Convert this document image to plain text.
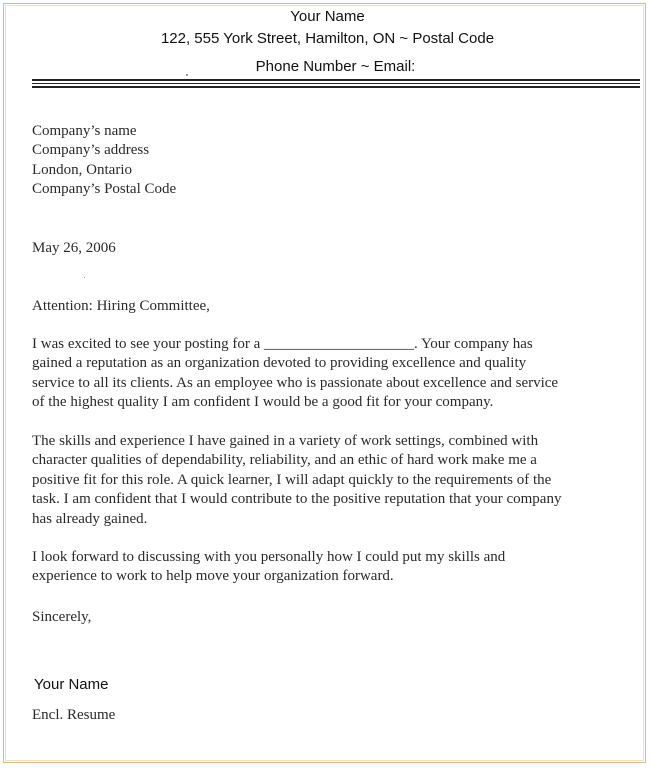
Your Name
122, 555 York Street, Hamilton, ON ~ Postal Code
Phone Number ~ Email:
Company’s name
Company’s address
London, Ontario
Company’s Postal Code
May 26, 2006
Attention: Hiring Committee,
I was excited to see your posting for a ____________________. Your company has
gained a reputation as an organization devoted to providing excellence and quality
service to all its clients. As an employee who is passionate about excellence and service
of the highest quality I am confident I would be a good fit for your company.
The skills and experience I have gained in a variety of work settings, combined with
character qualities of dependability, reliability, and an ethic of hard work make me a
positive fit for this role. A quick learner, I will adapt quickly to the requirements of the
task. I am confident that I would contribute to the positive reputation that your company
has already gained.
I look forward to discussing with you personally how I could put my skills and
experience to work to help move your organization forward.
Sincerely,
Your Name
Encl. Resume
